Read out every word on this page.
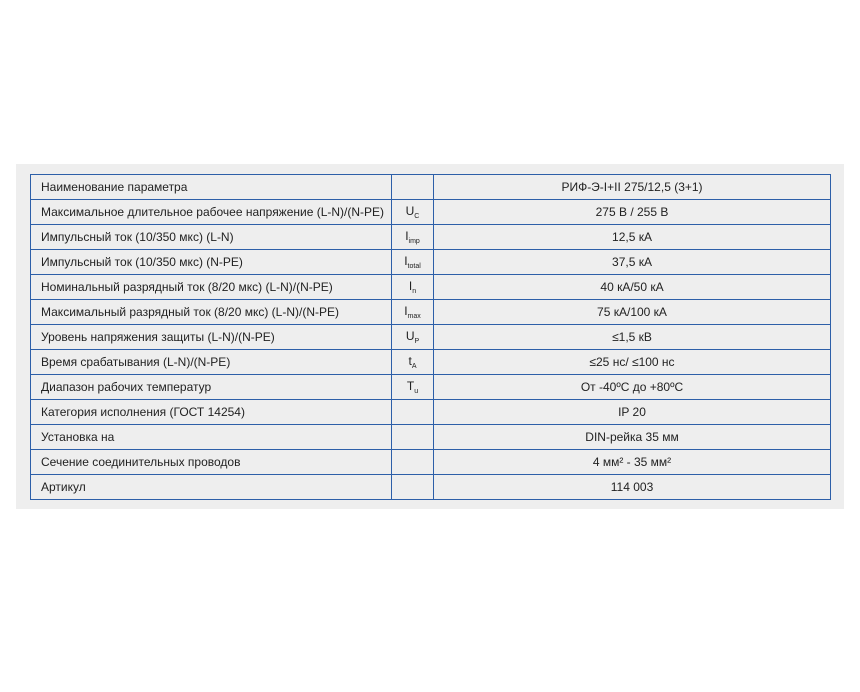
Наименование параметра		РИФ-Э-I+II 275/12,5 (3+1)
Максимальное длительное рабочее напряжение (L-N)/(N-PE)	$U_C$	275 В / 255 В
Импульсный ток (10/350 мкс) (L-N)	$I_{imp}$	12,5 кА
Импульсный ток (10/350 мкс) (N-PE)	$I_{total}$	37,5 кА
Номинальный разрядный ток (8/20 мкс) (L-N)/(N-PE)	$I_n$	40 кА/50 кА
Максимальный разрядный ток (8/20 мкс) (L-N)/(N-PE)	$I_{max}$	75 кА/100 кА
Уровень напряжения защиты (L-N)/(N-PE)	$U_P$	≤1,5 кВ
Время срабатывания (L-N)/(N-PE)	$t_A$	≤25 нс/ ≤100 нс
Диапазон рабочих температур	$T_u$	От -40ºС до +80ºС
Категория исполнения (ГОСТ 14254)		IP 20
Установка на		DIN-рейка 35 мм
Сечение соединительных проводов		4 мм² - 35 мм²
Артикул		114 003
